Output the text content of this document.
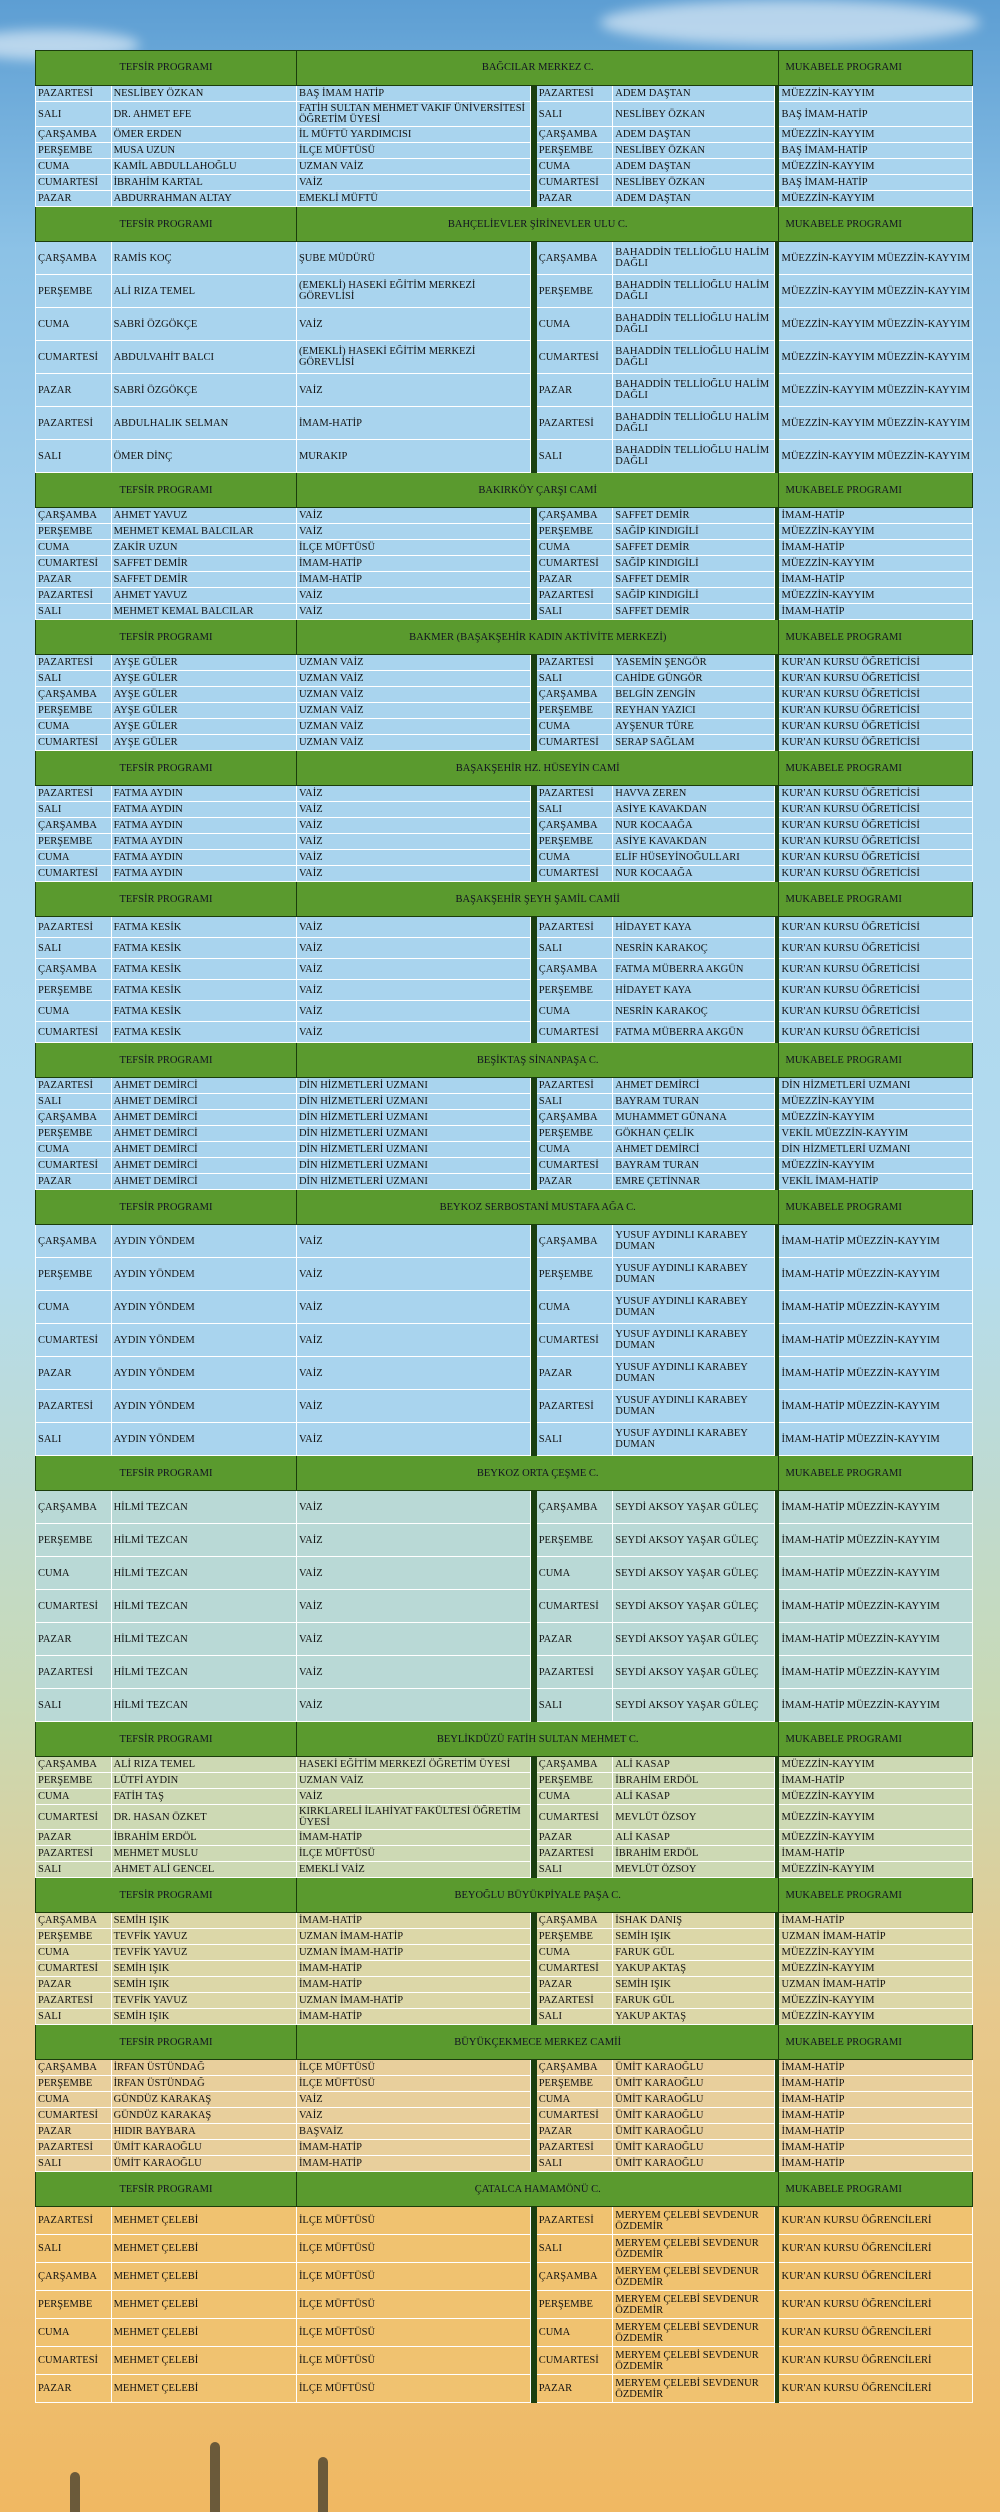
TEFSİR PROGRAMI		BAĞCILAR MERKEZ C.					MUKABELE PROGRAMI
PAZARTESİ	NESLİBEY ÖZKAN	BAŞ İMAM HATİP		PAZARTESİ	ADEM DAŞTAN		MÜEZZİN-KAYYIM
SALI	DR. AHMET EFE	FATİH SULTAN MEHMET VAKIF ÜNİVERSİTESİ ÖĞRETİM ÜYESİ		SALI	NESLİBEY ÖZKAN		BAŞ İMAM-HATİP
ÇARŞAMBA	ÖMER ERDEN	İL MÜFTÜ YARDIMCISI		ÇARŞAMBA	ADEM DAŞTAN		MÜEZZİN-KAYYIM
PERŞEMBE	MUSA UZUN	İLÇE MÜFTÜSÜ		PERŞEMBE	NESLİBEY ÖZKAN		BAŞ İMAM-HATİP
CUMA	KAMİL ABDULLAHOĞLU	UZMAN VAİZ		CUMA	ADEM DAŞTAN		MÜEZZİN-KAYYIM
CUMARTESİ	İBRAHİM KARTAL	VAİZ		CUMARTESİ	NESLİBEY ÖZKAN		BAŞ İMAM-HATİP
PAZAR	ABDURRAHMAN ALTAY	EMEKLİ MÜFTÜ		PAZAR	ADEM DAŞTAN		MÜEZZİN-KAYYIM
TEFSİR PROGRAMI		BAHÇELİEVLER ŞİRİNEVLER ULU C.					MUKABELE PROGRAMI
ÇARŞAMBA	RAMİS KOÇ	ŞUBE MÜDÜRÜ		ÇARŞAMBA	BAHADDİN TELLİOĞLU HALİM DAĞLI		MÜEZZİN-KAYYIM MÜEZZİN-KAYYIM
PERŞEMBE	ALİ RIZA TEMEL	(EMEKLİ) HASEKİ EĞİTİM MERKEZİ GÖREVLİSİ		PERŞEMBE	BAHADDİN TELLİOĞLU HALİM DAĞLI		MÜEZZİN-KAYYIM MÜEZZİN-KAYYIM
CUMA	SABRİ ÖZGÖKÇE	VAİZ		CUMA	BAHADDİN TELLİOĞLU HALİM DAĞLI		MÜEZZİN-KAYYIM MÜEZZİN-KAYYIM
CUMARTESİ	ABDULVAHİT BALCI	(EMEKLİ) HASEKİ EĞİTİM MERKEZİ GÖREVLİSİ		CUMARTESİ	BAHADDİN TELLİOĞLU HALİM DAĞLI		MÜEZZİN-KAYYIM MÜEZZİN-KAYYIM
PAZAR	SABRİ ÖZGÖKÇE	VAİZ		PAZAR	BAHADDİN TELLİOĞLU HALİM DAĞLI		MÜEZZİN-KAYYIM MÜEZZİN-KAYYIM
PAZARTESİ	ABDULHALIK SELMAN	İMAM-HATİP		PAZARTESİ	BAHADDİN TELLİOĞLU HALİM DAĞLI		MÜEZZİN-KAYYIM MÜEZZİN-KAYYIM
SALI	ÖMER DİNÇ	MURAKIP		SALI	BAHADDİN TELLİOĞLU HALİM DAĞLI		MÜEZZİN-KAYYIM MÜEZZİN-KAYYIM
TEFSİR PROGRAMI		BAKIRKÖY ÇARŞI CAMİ					MUKABELE PROGRAMI
ÇARŞAMBA	AHMET YAVUZ	VAİZ		ÇARŞAMBA	SAFFET DEMİR		İMAM-HATİP
PERŞEMBE	MEHMET KEMAL BALCILAR	VAİZ		PERŞEMBE	SAĞİP KINDIGİLİ		MÜEZZİN-KAYYIM
CUMA	ZAKİR UZUN	İLÇE MÜFTÜSÜ		CUMA	SAFFET DEMİR		İMAM-HATİP
CUMARTESİ	SAFFET DEMİR	İMAM-HATİP		CUMARTESİ	SAĞİP KINDIGİLİ		MÜEZZİN-KAYYIM
PAZAR	SAFFET DEMİR	İMAM-HATİP		PAZAR	SAFFET DEMİR		İMAM-HATİP
PAZARTESİ	AHMET YAVUZ	VAİZ		PAZARTESİ	SAĞİP KINDIGİLİ		MÜEZZİN-KAYYIM
SALI	MEHMET KEMAL BALCILAR	VAİZ		SALI	SAFFET DEMİR		İMAM-HATİP
TEFSİR PROGRAMI		BAKMER (BAŞAKŞEHİR KADIN AKTİVİTE MERKEZİ)					MUKABELE PROGRAMI
PAZARTESİ	AYŞE GÜLER	UZMAN VAİZ		PAZARTESİ	YASEMİN ŞENGÖR		KUR'AN KURSU ÖĞRETİCİSİ
SALI	AYŞE GÜLER	UZMAN VAİZ		SALI	CAHİDE GÜNGÖR		KUR'AN KURSU ÖĞRETİCİSİ
ÇARŞAMBA	AYŞE GÜLER	UZMAN VAİZ		ÇARŞAMBA	BELGİN ZENGİN		KUR'AN KURSU ÖĞRETİCİSİ
PERŞEMBE	AYŞE GÜLER	UZMAN VAİZ		PERŞEMBE	REYHAN YAZICI		KUR'AN KURSU ÖĞRETİCİSİ
CUMA	AYŞE GÜLER	UZMAN VAİZ		CUMA	AYŞENUR TÜRE		KUR'AN KURSU ÖĞRETİCİSİ
CUMARTESİ	AYŞE GÜLER	UZMAN VAİZ		CUMARTESİ	SERAP SAĞLAM		KUR'AN KURSU ÖĞRETİCİSİ
TEFSİR PROGRAMI		BAŞAKŞEHİR HZ. HÜSEYİN CAMİ					MUKABELE PROGRAMI
PAZARTESİ	FATMA AYDIN	VAİZ		PAZARTESİ	HAVVA ZEREN		KUR'AN KURSU ÖĞRETİCİSİ
SALI	FATMA AYDIN	VAİZ		SALI	ASİYE KAVAKDAN		KUR'AN KURSU ÖĞRETİCİSİ
ÇARŞAMBA	FATMA AYDIN	VAİZ		ÇARŞAMBA	NUR KOCAAĞA		KUR'AN KURSU ÖĞRETİCİSİ
PERŞEMBE	FATMA AYDIN	VAİZ		PERŞEMBE	ASİYE KAVAKDAN		KUR'AN KURSU ÖĞRETİCİSİ
CUMA	FATMA AYDIN	VAİZ		CUMA	ELİF HÜSEYİNOĞULLARI		KUR'AN KURSU ÖĞRETİCİSİ
CUMARTESİ	FATMA AYDIN	VAİZ		CUMARTESİ	NUR KOCAAĞA		KUR'AN KURSU ÖĞRETİCİSİ
TEFSİR PROGRAMI		BAŞAKŞEHİR ŞEYH ŞAMİL CAMİİ					MUKABELE PROGRAMI
PAZARTESİ	FATMA KESİK	VAİZ		PAZARTESİ	HİDAYET KAYA		KUR'AN KURSU ÖĞRETİCİSİ
SALI	FATMA KESİK	VAİZ		SALI	NESRİN KARAKOÇ		KUR'AN KURSU ÖĞRETİCİSİ
ÇARŞAMBA	FATMA KESİK	VAİZ		ÇARŞAMBA	FATMA MÜBERRA AKGÜN		KUR'AN KURSU ÖĞRETİCİSİ
PERŞEMBE	FATMA KESİK	VAİZ		PERŞEMBE	HİDAYET KAYA		KUR'AN KURSU ÖĞRETİCİSİ
CUMA	FATMA KESİK	VAİZ		CUMA	NESRİN KARAKOÇ		KUR'AN KURSU ÖĞRETİCİSİ
CUMARTESİ	FATMA KESİK	VAİZ		CUMARTESİ	FATMA MÜBERRA AKGÜN		KUR'AN KURSU ÖĞRETİCİSİ
TEFSİR PROGRAMI		BEŞİKTAŞ SİNANPAŞA C.					MUKABELE PROGRAMI
PAZARTESİ	AHMET DEMİRCİ	DİN HİZMETLERİ UZMANI		PAZARTESİ	AHMET DEMİRCİ		DİN HİZMETLERİ UZMANI
SALI	AHMET DEMİRCİ	DİN HİZMETLERİ UZMANI		SALI	BAYRAM TURAN		MÜEZZİN-KAYYIM
ÇARŞAMBA	AHMET DEMİRCİ	DİN HİZMETLERİ UZMANI		ÇARŞAMBA	MUHAMMET GÜNANA		MÜEZZİN-KAYYIM
PERŞEMBE	AHMET DEMİRCİ	DİN HİZMETLERİ UZMANI		PERŞEMBE	GÖKHAN ÇELİK		VEKİL MÜEZZİN-KAYYIM
CUMA	AHMET DEMİRCİ	DİN HİZMETLERİ UZMANI		CUMA	AHMET DEMİRCİ		DİN HİZMETLERİ UZMANI
CUMARTESİ	AHMET DEMİRCİ	DİN HİZMETLERİ UZMANI		CUMARTESİ	BAYRAM TURAN		MÜEZZİN-KAYYIM
PAZAR	AHMET DEMİRCİ	DİN HİZMETLERİ UZMANI		PAZAR	EMRE ÇETİNNAR		VEKİL İMAM-HATİP
TEFSİR PROGRAMI		BEYKOZ SERBOSTANİ MUSTAFA AĞA C.					MUKABELE PROGRAMI
ÇARŞAMBA	AYDIN YÖNDEM	VAİZ		ÇARŞAMBA	YUSUF AYDINLI KARABEY DUMAN		İMAM-HATİP MÜEZZİN-KAYYIM
PERŞEMBE	AYDIN YÖNDEM	VAİZ		PERŞEMBE	YUSUF AYDINLI KARABEY DUMAN		İMAM-HATİP MÜEZZİN-KAYYIM
CUMA	AYDIN YÖNDEM	VAİZ		CUMA	YUSUF AYDINLI KARABEY DUMAN		İMAM-HATİP MÜEZZİN-KAYYIM
CUMARTESİ	AYDIN YÖNDEM	VAİZ		CUMARTESİ	YUSUF AYDINLI KARABEY DUMAN		İMAM-HATİP MÜEZZİN-KAYYIM
PAZAR	AYDIN YÖNDEM	VAİZ		PAZAR	YUSUF AYDINLI KARABEY DUMAN		İMAM-HATİP MÜEZZİN-KAYYIM
PAZARTESİ	AYDIN YÖNDEM	VAİZ		PAZARTESİ	YUSUF AYDINLI KARABEY DUMAN		İMAM-HATİP MÜEZZİN-KAYYIM
SALI	AYDIN YÖNDEM	VAİZ		SALI	YUSUF AYDINLI KARABEY DUMAN		İMAM-HATİP MÜEZZİN-KAYYIM
TEFSİR PROGRAMI		BEYKOZ ORTA ÇEŞME C.					MUKABELE PROGRAMI
ÇARŞAMBA	HİLMİ TEZCAN	VAİZ		ÇARŞAMBA	SEYDİ AKSOY YAŞAR GÜLEÇ		İMAM-HATİP MÜEZZİN-KAYYIM
PERŞEMBE	HİLMİ TEZCAN	VAİZ		PERŞEMBE	SEYDİ AKSOY YAŞAR GÜLEÇ		İMAM-HATİP MÜEZZİN-KAYYIM
CUMA	HİLMİ TEZCAN	VAİZ		CUMA	SEYDİ AKSOY YAŞAR GÜLEÇ		İMAM-HATİP MÜEZZİN-KAYYIM
CUMARTESİ	HİLMİ TEZCAN	VAİZ		CUMARTESİ	SEYDİ AKSOY YAŞAR GÜLEÇ		İMAM-HATİP MÜEZZİN-KAYYIM
PAZAR	HİLMİ TEZCAN	VAİZ		PAZAR	SEYDİ AKSOY YAŞAR GÜLEÇ		İMAM-HATİP MÜEZZİN-KAYYIM
PAZARTESİ	HİLMİ TEZCAN	VAİZ		PAZARTESİ	SEYDİ AKSOY YAŞAR GÜLEÇ		İMAM-HATİP MÜEZZİN-KAYYIM
SALI	HİLMİ TEZCAN	VAİZ		SALI	SEYDİ AKSOY YAŞAR GÜLEÇ		İMAM-HATİP MÜEZZİN-KAYYIM
TEFSİR PROGRAMI		BEYLİKDÜZÜ FATİH SULTAN MEHMET C.					MUKABELE PROGRAMI
ÇARŞAMBA	ALİ RIZA TEMEL	HASEKİ EĞİTİM MERKEZİ ÖĞRETİM ÜYESİ		ÇARŞAMBA	ALİ KASAP		MÜEZZİN-KAYYIM
PERŞEMBE	LÜTFİ AYDIN	UZMAN VAİZ		PERŞEMBE	İBRAHİM ERDÖL		İMAM-HATİP
CUMA	FATİH TAŞ	VAİZ		CUMA	ALİ KASAP		MÜEZZİN-KAYYIM
CUMARTESİ	DR. HASAN ÖZKET	KIRKLARELİ İLAHİYAT FAKÜLTESİ ÖĞRETİM ÜYESİ		CUMARTESİ	MEVLÜT ÖZSOY		MÜEZZİN-KAYYIM
PAZAR	İBRAHİM ERDÖL	İMAM-HATİP		PAZAR	ALİ KASAP		MÜEZZİN-KAYYIM
PAZARTESİ	MEHMET MUSLU	İLÇE MÜFTÜSÜ		PAZARTESİ	İBRAHİM ERDÖL		İMAM-HATİP
SALI	AHMET ALİ GENCEL	EMEKLİ VAİZ		SALI	MEVLÜT ÖZSOY		MÜEZZİN-KAYYIM
TEFSİR PROGRAMI		BEYOĞLU BÜYÜKPİYALE PAŞA C.					MUKABELE PROGRAMI
ÇARŞAMBA	SEMİH IŞIK	İMAM-HATİP		ÇARŞAMBA	İSHAK DANIŞ		İMAM-HATİP
PERŞEMBE	TEVFİK YAVUZ	UZMAN İMAM-HATİP		PERŞEMBE	SEMİH IŞIK		UZMAN İMAM-HATİP
CUMA	TEVFİK YAVUZ	UZMAN İMAM-HATİP		CUMA	FARUK GÜL		MÜEZZİN-KAYYIM
CUMARTESİ	SEMİH IŞIK	İMAM-HATİP		CUMARTESİ	YAKUP AKTAŞ		MÜEZZİN-KAYYIM
PAZAR	SEMİH IŞIK	İMAM-HATİP		PAZAR	SEMİH IŞIK		UZMAN İMAM-HATİP
PAZARTESİ	TEVFİK YAVUZ	UZMAN İMAM-HATİP		PAZARTESİ	FARUK GÜL		MÜEZZİN-KAYYIM
SALI	SEMİH IŞIK	İMAM-HATİP		SALI	YAKUP AKTAŞ		MÜEZZİN-KAYYIM
TEFSİR PROGRAMI		BÜYÜKÇEKMECE MERKEZ CAMİİ					MUKABELE PROGRAMI
ÇARŞAMBA	İRFAN ÜSTÜNDAĞ	İLÇE MÜFTÜSÜ		ÇARŞAMBA	ÜMİT KARAOĞLU		İMAM-HATİP
PERŞEMBE	İRFAN ÜSTÜNDAĞ	İLÇE MÜFTÜSÜ		PERŞEMBE	ÜMİT KARAOĞLU		İMAM-HATİP
CUMA	GÜNDÜZ KARAKAŞ	VAİZ		CUMA	ÜMİT KARAOĞLU		İMAM-HATİP
CUMARTESİ	GÜNDÜZ KARAKAŞ	VAİZ		CUMARTESİ	ÜMİT KARAOĞLU		İMAM-HATİP
PAZAR	HIDIR BAYBARA	BAŞVAİZ		PAZAR	ÜMİT KARAOĞLU		İMAM-HATİP
PAZARTESİ	ÜMİT KARAOĞLU	İMAM-HATİP		PAZARTESİ	ÜMİT KARAOĞLU		İMAM-HATİP
SALI	ÜMİT KARAOĞLU	İMAM-HATİP		SALI	ÜMİT KARAOĞLU		İMAM-HATİP
TEFSİR PROGRAMI		ÇATALCA HAMAMÖNÜ C.					MUKABELE PROGRAMI
PAZARTESİ	MEHMET ÇELEBİ	İLÇE MÜFTÜSÜ		PAZARTESİ	MERYEM ÇELEBİ SEVDENUR ÖZDEMİR		KUR'AN KURSU ÖĞRENCİLERİ
SALI	MEHMET ÇELEBİ	İLÇE MÜFTÜSÜ		SALI	MERYEM ÇELEBİ SEVDENUR ÖZDEMİR		KUR'AN KURSU ÖĞRENCİLERİ
ÇARŞAMBA	MEHMET ÇELEBİ	İLÇE MÜFTÜSÜ		ÇARŞAMBA	MERYEM ÇELEBİ SEVDENUR ÖZDEMİR		KUR'AN KURSU ÖĞRENCİLERİ
PERŞEMBE	MEHMET ÇELEBİ	İLÇE MÜFTÜSÜ		PERŞEMBE	MERYEM ÇELEBİ SEVDENUR ÖZDEMİR		KUR'AN KURSU ÖĞRENCİLERİ
CUMA	MEHMET ÇELEBİ	İLÇE MÜFTÜSÜ		CUMA	MERYEM ÇELEBİ SEVDENUR ÖZDEMİR		KUR'AN KURSU ÖĞRENCİLERİ
CUMARTESİ	MEHMET ÇELEBİ	İLÇE MÜFTÜSÜ		CUMARTESİ	MERYEM ÇELEBİ SEVDENUR ÖZDEMİR		KUR'AN KURSU ÖĞRENCİLERİ
PAZAR	MEHMET ÇELEBİ	İLÇE MÜFTÜSÜ		PAZAR	MERYEM ÇELEBİ SEVDENUR ÖZDEMİR		KUR'AN KURSU ÖĞRENCİLERİ
